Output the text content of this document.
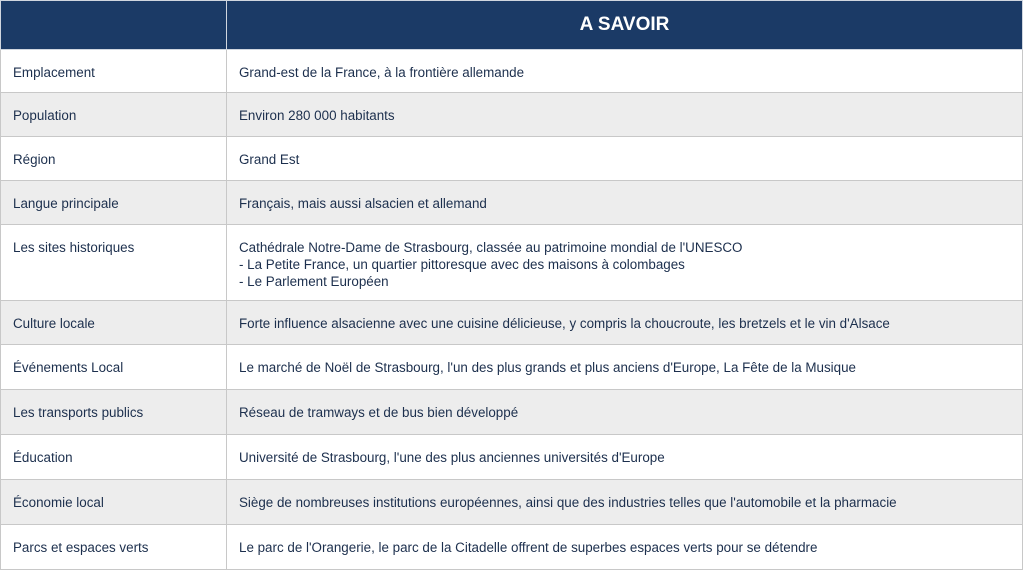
	A SAVOIR
Emplacement	Grand-est de la France, à la frontière allemande
Population	Environ 280 000 habitants
Région	Grand Est
Langue principale	Français, mais aussi alsacien et allemand
Les sites historiques	Cathédrale Notre-Dame de Strasbourg, classée au patrimoine mondial de l'UNESCO
- La Petite France, un quartier pittoresque avec des maisons à colombages
- Le Parlement Européen

Culture locale	Forte influence alsacienne avec une cuisine délicieuse, y compris la choucroute, les bretzels et le vin d'Alsace
Événements Local	Le marché de Noël de Strasbourg, l'un des plus grands et plus anciens d'Europe, La Fête de la Musique
Les transports publics	Réseau de tramways et de bus bien développé
Éducation	Université de Strasbourg, l'une des plus anciennes universités d'Europe
Économie local	Siège de nombreuses institutions européennes, ainsi que des industries telles que l'automobile et la pharmacie
Parcs et espaces verts	Le parc de l'Orangerie, le parc de la Citadelle offrent de superbes espaces verts pour se détendre
